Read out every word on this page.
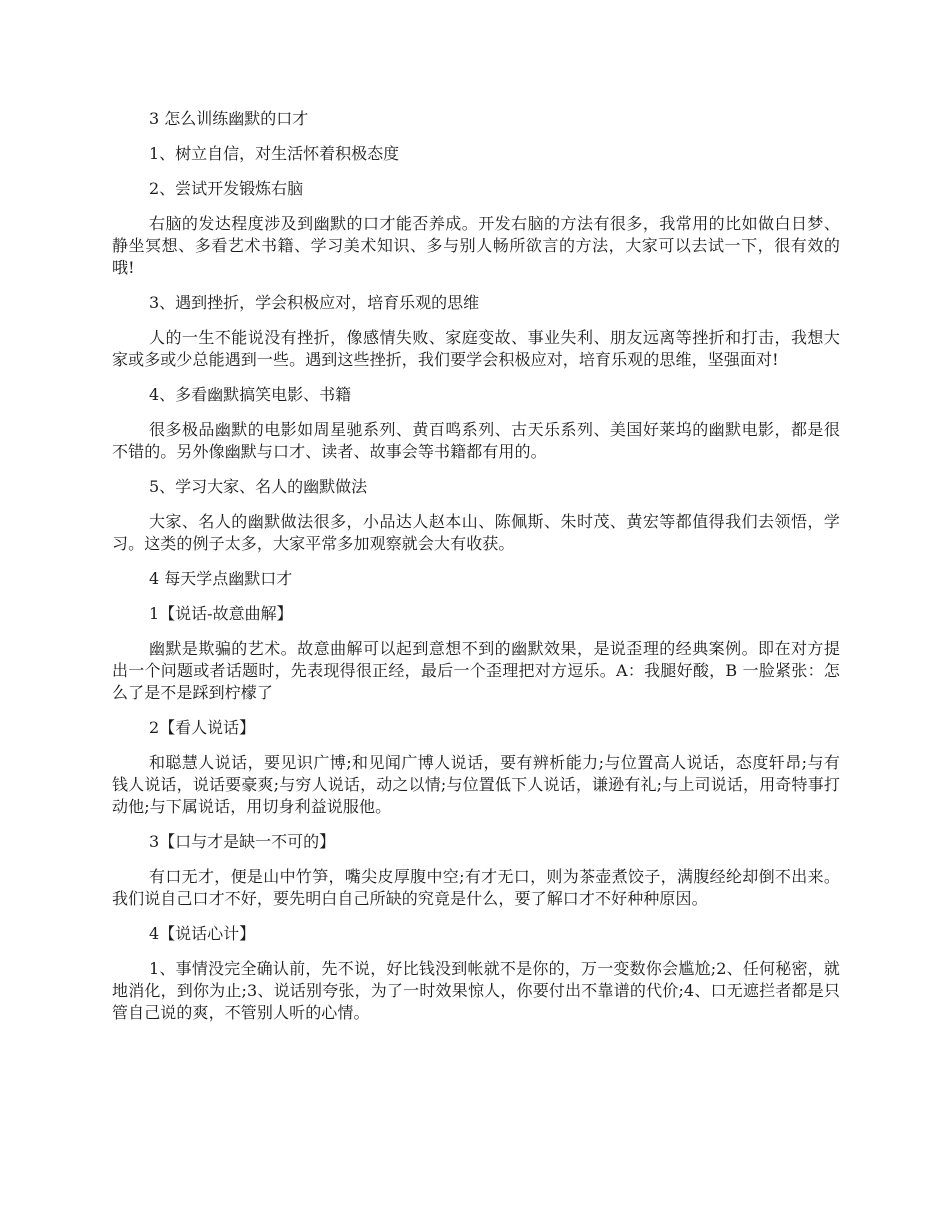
3 怎么训练幽默的口才

1、树立自信，对生活怀着积极态度

2、尝试开发锻炼右脑

右脑的发达程度涉及到幽默的口才能否养成。开发右脑的方法有很多，我常用的比如做白日梦、静坐冥想、多看艺术书籍、学习美术知识、多与别人畅所欲言的方法，大家可以去试一下，很有效的哦!

3、遇到挫折，学会积极应对，培育乐观的思维

人的一生不能说没有挫折，像感情失败、家庭变故、事业失利、朋友远离等挫折和打击，我想大家或多或少总能遇到一些。遇到这些挫折，我们要学会积极应对，培育乐观的思维，坚强面对!

4、多看幽默搞笑电影、书籍

很多极品幽默的电影如周星驰系列、黄百鸣系列、古天乐系列、美国好莱坞的幽默电影，都是很不错的。另外像幽默与口才、读者、故事会等书籍都有用的。

5、学习大家、名人的幽默做法

大家、名人的幽默做法很多，小品达人赵本山、陈佩斯、朱时茂、黄宏等都值得我们去领悟，学习。这类的例子太多，大家平常多加观察就会大有收获。

4 每天学点幽默口才

1【说话-故意曲解】

幽默是欺骗的艺术。故意曲解可以起到意想不到的幽默效果，是说歪理的经典案例。即在对方提出一个问题或者话题时，先表现得很正经，最后一个歪理把对方逗乐。A：我腿好酸，B 一脸紧张：怎么了是不是踩到柠檬了

2【看人说话】

和聪慧人说话，要见识广博;和见闻广博人说话，要有辨析能力;与位置高人说话，态度轩昂;与有钱人说话，说话要豪爽;与穷人说话，动之以情;与位置低下人说话，谦逊有礼;与上司说话，用奇特事打动他;与下属说话，用切身利益说服他。

3【口与才是缺一不可的】

有口无才，便是山中竹笋，嘴尖皮厚腹中空;有才无口，则为茶壶煮饺子，满腹经纶却倒不出来。我们说自己口才不好，要先明白自己所缺的究竟是什么，要了解口才不好种种原因。

4【说话心计】

1、事情没完全确认前，先不说，好比钱没到帐就不是你的，万一变数你会尴尬;2、任何秘密，就地消化，到你为止;3、说话别夸张，为了一时效果惊人，你要付出不靠谱的代价;4、口无遮拦者都是只管自己说的爽，不管别人听的心情。
